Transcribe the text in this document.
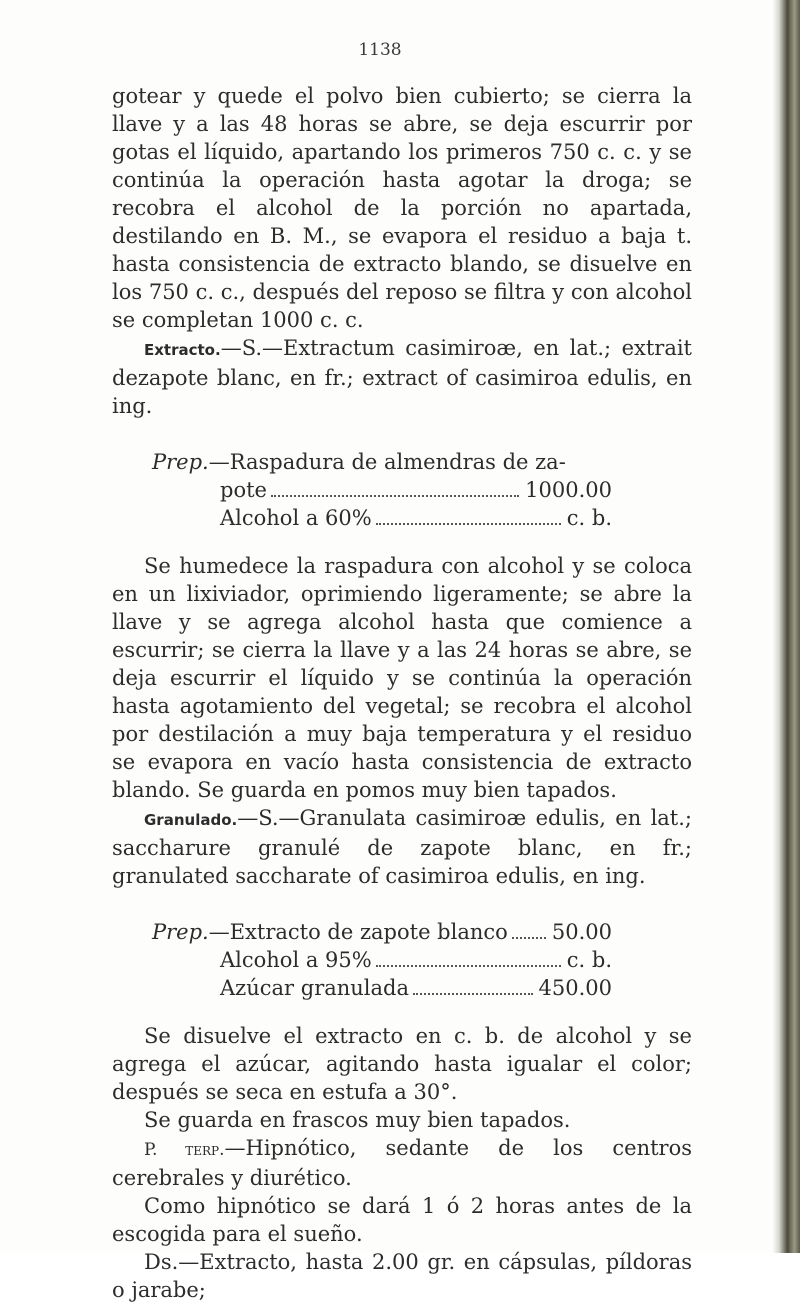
1138

gotear y quede el polvo bien cubierto; se cierra la llave y a las 48 horas se abre, se deja escurrir por gotas el líquido, apartando los primeros 750 c. c. y se continúa la operación hasta agotar la droga; se recobra el alcohol de la porción no apartada, destilando en B. M., se evapora el residuo a baja t. hasta consistencia de extracto blando, se disuelve en los 750 c. c., después del reposo se filtra y con alcohol se completan 1000 c. c.

Extracto.—S.—Extractum casimiroæ, en lat.; extrait dezapote blanc, en fr.; extract of casimiroa edulis, en ing.

Prep.—Raspadura de almendras de za-
pote	1000.00
Alcohol a 60%	c. b.

Se humedece la raspadura con alcohol y se coloca en un lixiviador, oprimiendo ligeramente; se abre la llave y se agrega alcohol hasta que comience a escurrir; se cierra la llave y a las 24 horas se abre, se deja escurrir el líquido y se continúa la operación hasta agotamiento del vegetal; se recobra el alcohol por destilación a muy baja temperatura y el residuo se evapora en vacío hasta consistencia de extracto blando. Se guarda en pomos muy bien tapados.

Granulado.—S.—Granulata casimiroæ edulis, en lat.; saccharure granulé de zapote blanc, en fr.; granulated saccharate of casimiroa edulis, en ing.

Prep.—Extracto de zapote blanco 50.00
Alcohol a 95%	c. b.
Azúcar granulada	450.00

Se disuelve el extracto en c. b. de alcohol y se agrega el azúcar, agitando hasta igualar el color; después se seca en estufa a 30°.

Se guarda en frascos muy bien tapados.

P. terp.—Hipnótico, sedante de los centros cerebrales y diurético.

Como hipnótico se dará 1 ó 2 horas antes de la escogida para el sueño.

Ds.—Extracto, hasta 2.00 gr. en cápsulas, píldoras o jarabe;
